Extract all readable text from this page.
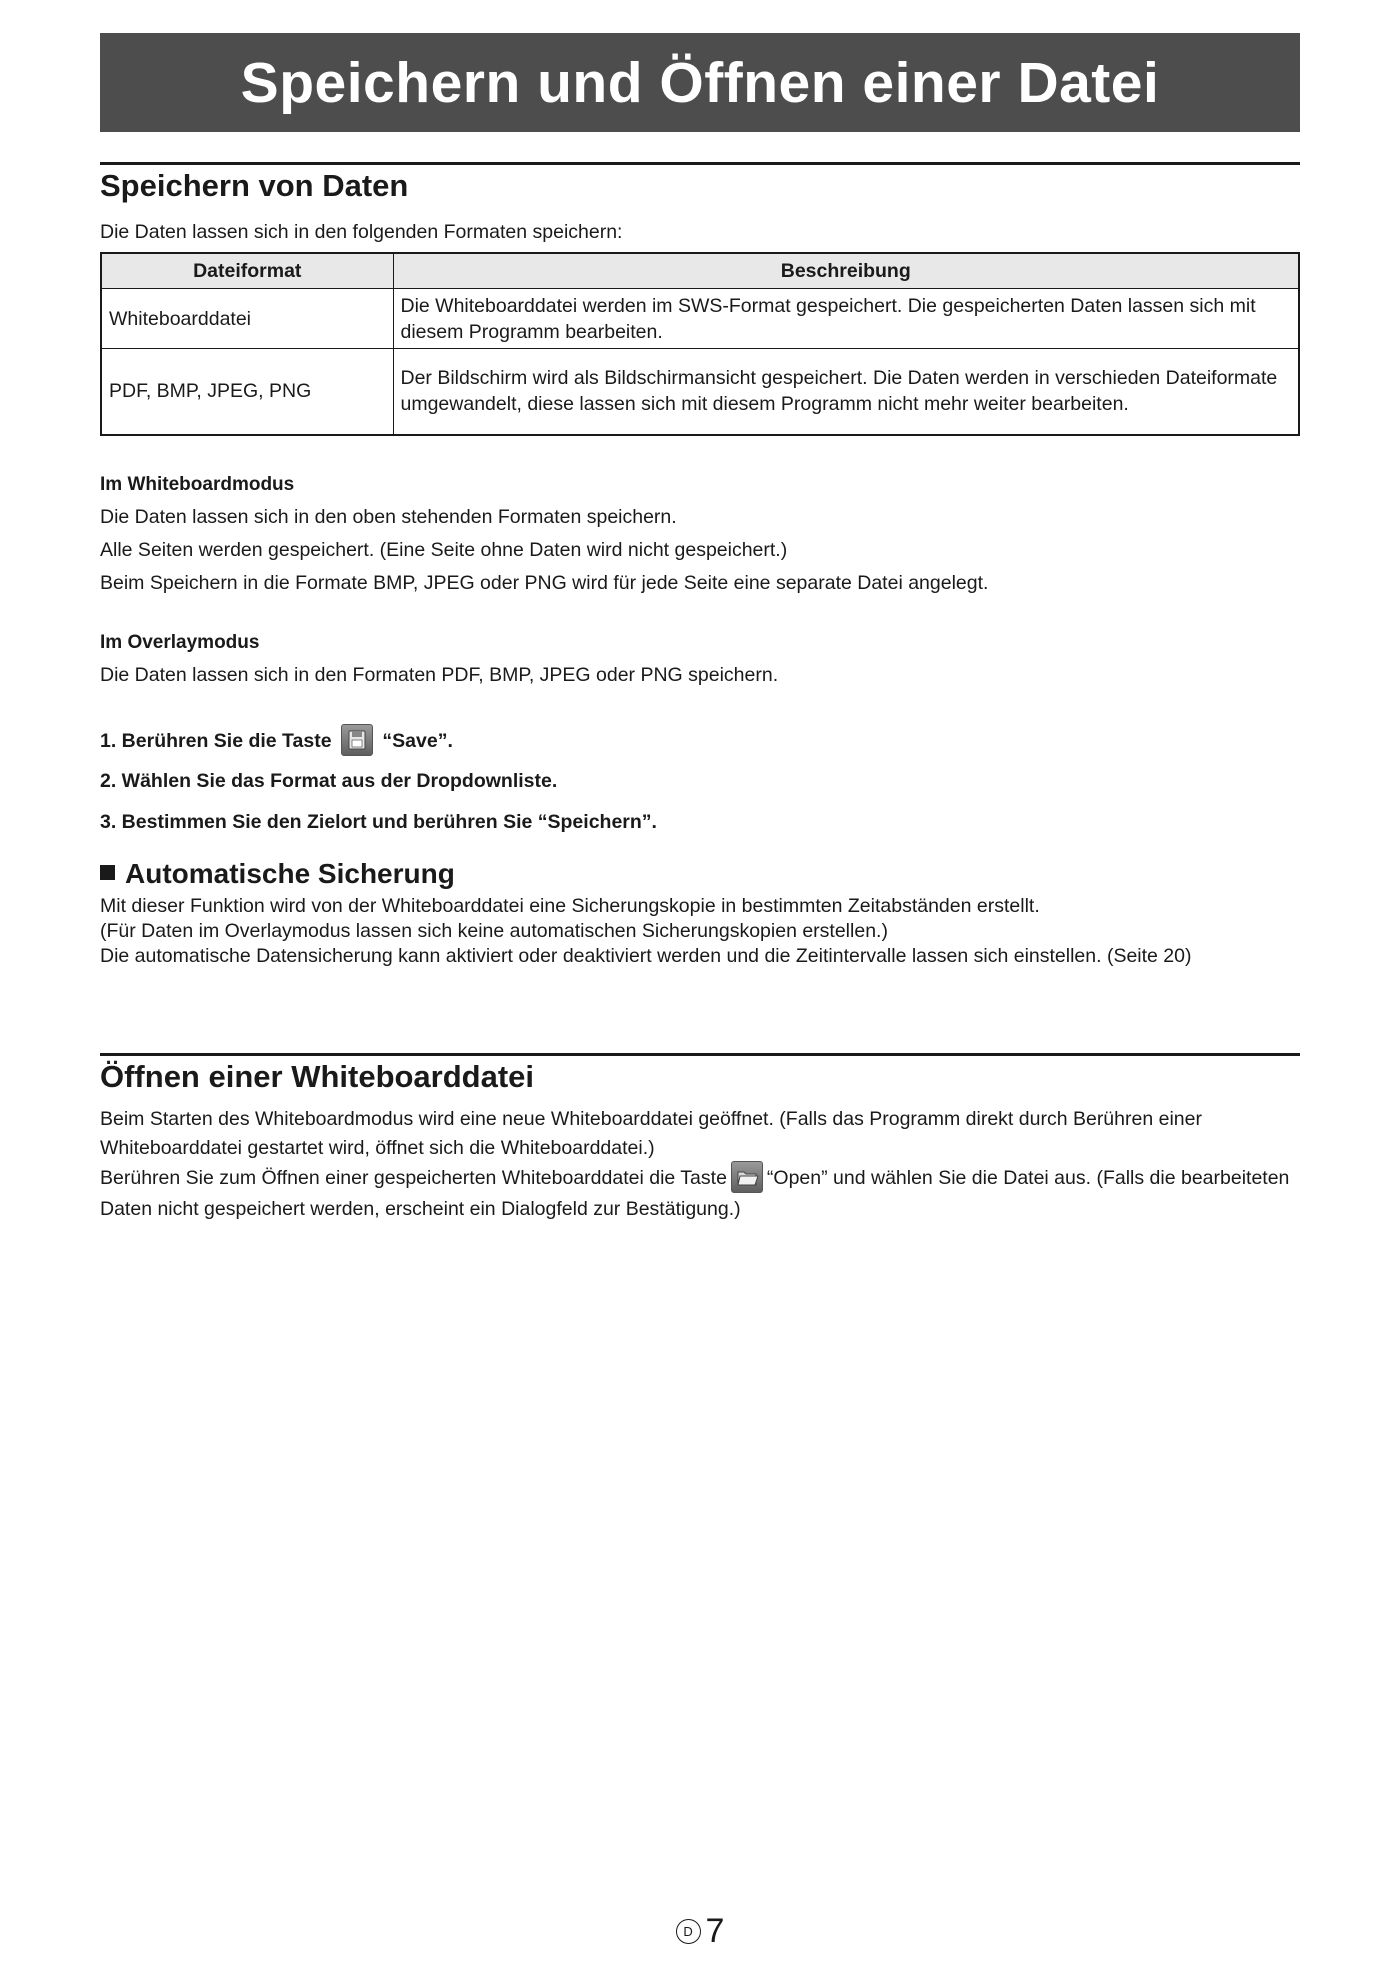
Speichern und Öffnen einer Datei
Speichern von Daten

Die Daten lassen sich in den folgenden Formaten speichern:

Dateiformat	Beschreibung
Whiteboarddatei	Die Whiteboarddatei werden im SWS-Format gespeichert. Die gespeicherten Daten lassen sich mit diesem Programm bearbeiten.
PDF, BMP, JPEG, PNG	Der Bildschirm wird als Bildschirmansicht gespeichert. Die Daten werden in verschieden Dateiformate umgewandelt, diese lassen sich mit diesem Programm nicht mehr weiter bearbeiten.

Im Whiteboardmodus

Die Daten lassen sich in den oben stehenden Formaten speichern.

Alle Seiten werden gespeichert. (Eine Seite ohne Daten wird nicht gespeichert.)

Beim Speichern in die Formate BMP, JPEG oder PNG wird für jede Seite eine separate Datei angelegt.

Im Overlaymodus

Die Daten lassen sich in den Formaten PDF, BMP, JPEG oder PNG speichern.

1. Berühren Sie die Taste	“Save”.

2. Wählen Sie das Format aus der Dropdownliste.

3. Bestimmen Sie den Zielort und berühren Sie “Speichern”.

Automatische Sicherung

Mit dieser Funktion wird von der Whiteboarddatei eine Sicherungskopie in bestimmten Zeitabständen erstellt.

(Für Daten im Overlaymodus lassen sich keine automatischen Sicherungskopien erstellen.)

Die automatische Datensicherung kann aktiviert oder deaktiviert werden und die Zeitintervalle lassen sich einstellen. (Seite 20)

Öffnen einer Whiteboarddatei

Beim Starten des Whiteboardmodus wird eine neue Whiteboarddatei geöffnet. (Falls das Programm direkt durch Berühren einer Whiteboarddatei gestartet wird, öffnet sich die Whiteboarddatei.)

Berühren Sie zum Öffnen einer gespeicherten Whiteboarddatei die Taste “Open” und wählen Sie die Datei aus. (Falls die bearbeiteten Daten nicht gespeichert werden, erscheint ein Dialogfeld zur Bestätigung.)

D 7
